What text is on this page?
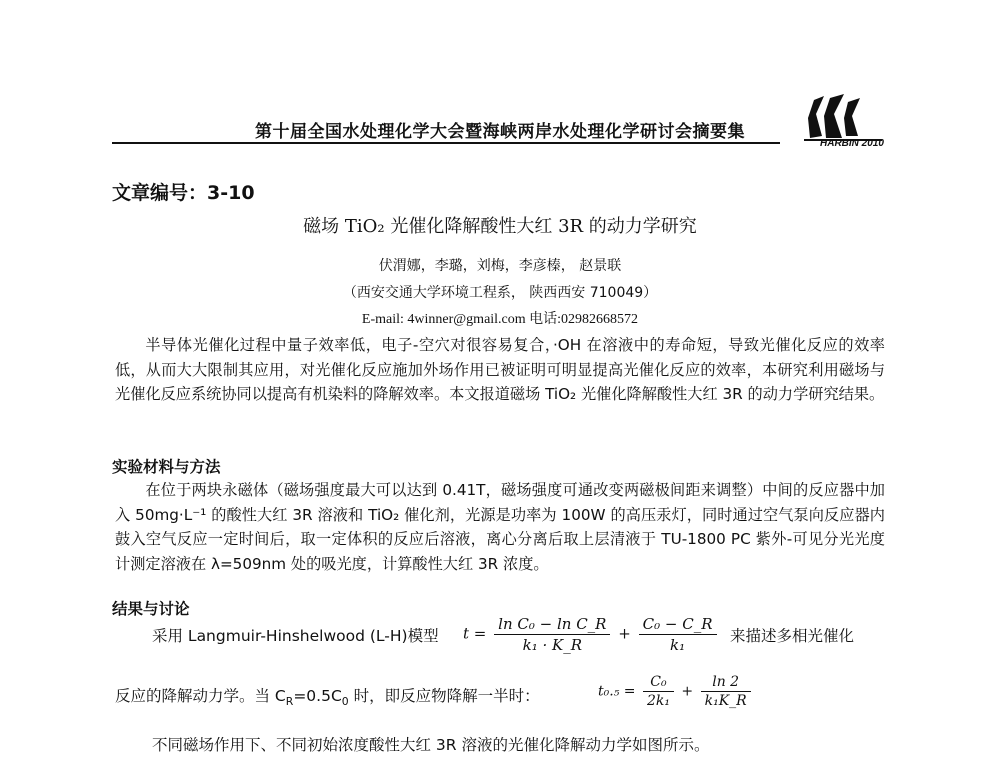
第十届全国水处理化学大会暨海峡两岸水处理化学研讨会摘要集
HARBIN 2010
文章编号：3-10
磁场 TiO₂ 光催化降解酸性大红 3R 的动力学研究
伏渭娜，李璐，刘梅，李彦榛， 赵景联
（西安交通大学环境工程系， 陕西西安 710049）
E-mail: 4winner@gmail.com 电话:02982668572
半导体光催化过程中量子效率低，电子-空穴对很容易复合，·OH 在溶液中的寿命短，导致光催化反应的效率低，从而大大限制其应用，对光催化反应施加外场作用已被证明可明显提高光催化反应的效率，本研究利用磁场与光催化反应系统协同以提高有机染料的降解效率。本文报道磁场 TiO₂ 光催化降解酸性大红 3R 的动力学研究结果。
实验材料与方法
在位于两块永磁体（磁场强度最大可以达到 0.41T，磁场强度可通改变两磁极间距来调整）中间的反应器中加入 50mg·L⁻¹ 的酸性大红 3R 溶液和 TiO₂ 催化剂，光源是功率为 100W 的高压汞灯，同时通过空气泵向反应器内鼓入空气反应一定时间后，取一定体积的反应后溶液，离心分离后取上层清液于 TU-1800 PC 紫外-可见分光光度计测定溶液在 λ=509nm 处的吸光度，计算酸性大红 3R 浓度。
结果与讨论
采用 Langmuir-Hinshelwood (L-H)模型 $t = \frac{\text{ln C₀ − ln C\_R}}{\text{k₁ · K\_R}} + \frac{\text{C₀ − C\_R}}{\text{k₁}}$ 来描述多相光催化
反应的降解动力学。当 $C_R=0.5C_0$ 时，即反应物降解一半时：	$t_0._5 = \frac{\text{C₀}}{\text{2k₁}} + \frac{\ln 2}{\text{k₁K\_R}}$
不同磁场作用下、不同初始浓度酸性大红 3R 溶液的光催化降解动力学如图所示。
